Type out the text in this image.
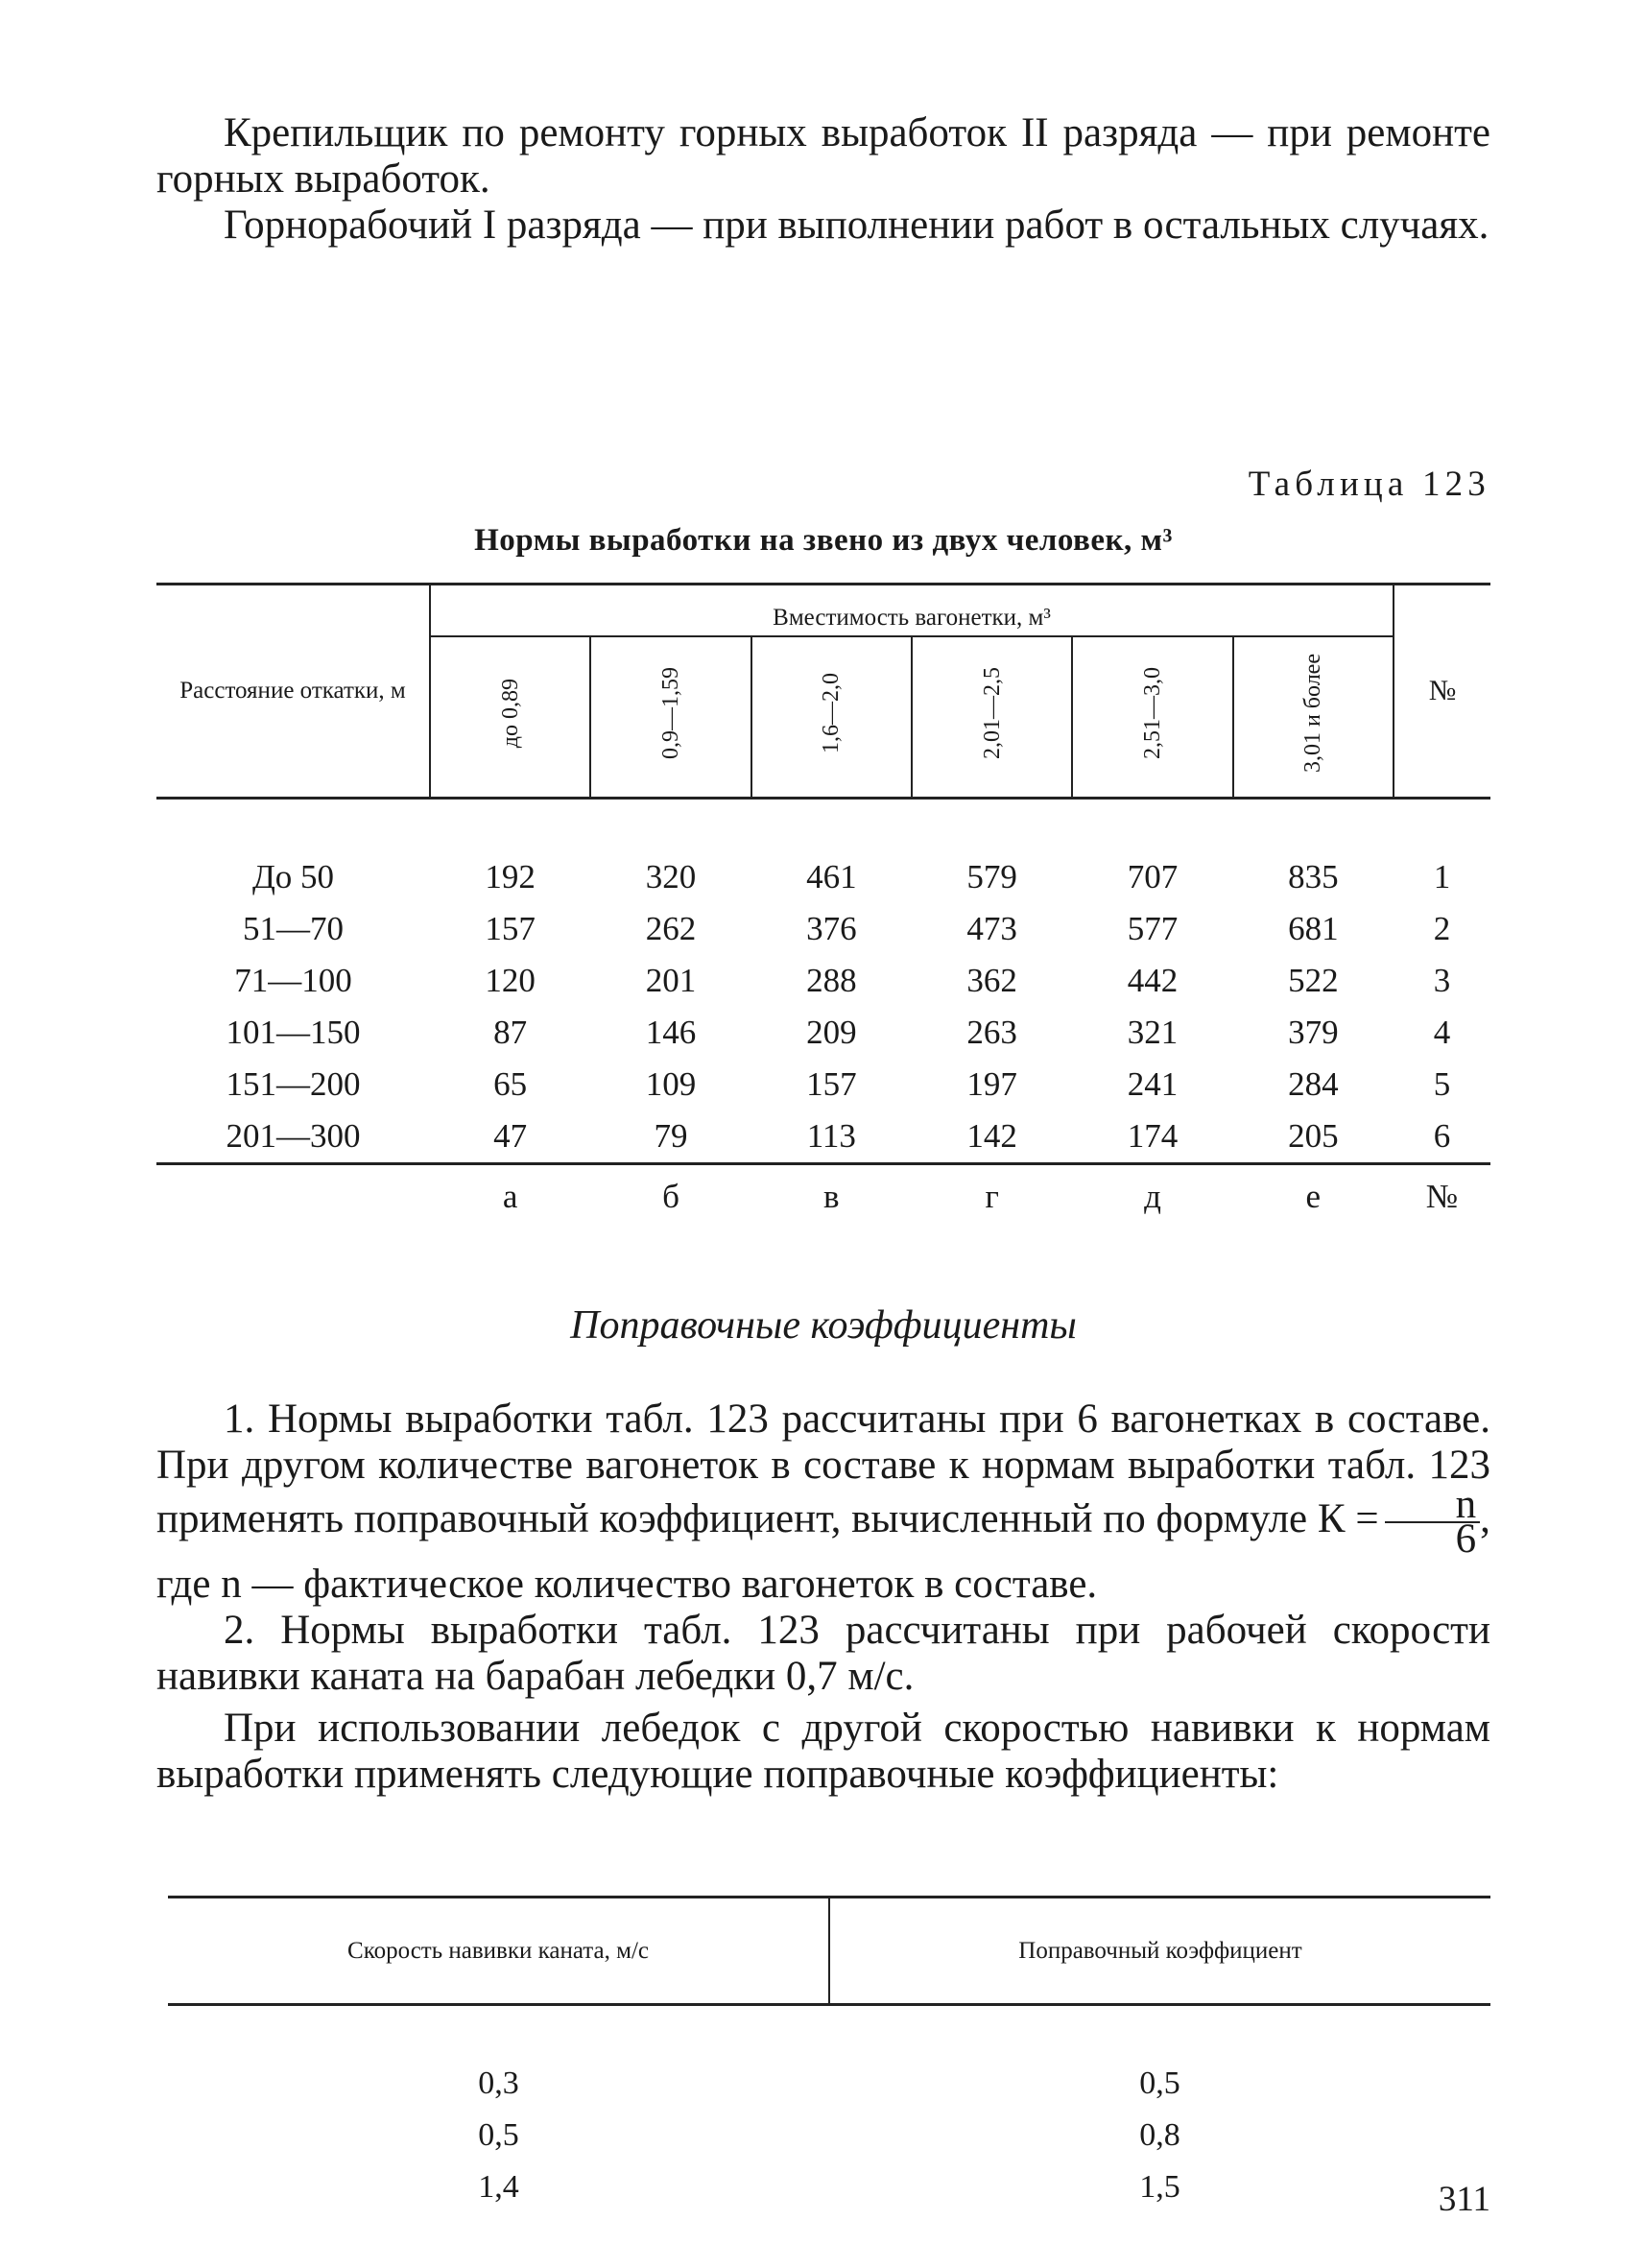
Крепильщик по ремонту горных выработок II разряда — при ремонте горных выработок.

Горнорабочий I разряда — при выполнении работ в остальных случаях.

Таблица 123
Нормы выработки на звено из двух человек, м³
Расстояние откатки, м	Вместимость вагонетки, м³						№
	до 0,89	0,9—1,59	1,6—2,0	2,01—2,5	2,51—3,0	3,01 и более	

До 50	192	320	461	579	707	835	1
51—70	157	262	376	473	577	681	2
71—100	120	201	288	362	442	522	3
101—150	87	146	209	263	321	379	4
151—200	65	109	157	197	241	284	5
201—300	47	79	113	142	174	205	6
	а	б	в	г	д	е	№
Поправочные коэффициенты

1. Нормы выработки табл. 123 рассчитаны при 6 вагонетках в составе. При другом количестве вагонеток в составе к нормам выработки табл. 123 применять поправочный коэффициент, вычисленный по формуле $К = \frac{n}{6}$ ,

где n — фактическое количество вагонеток в составе.

2. Нормы выработки табл. 123 рассчитаны при рабочей скорости навивки каната на барабан лебедки 0,7 м/с.

При использовании лебедок с другой скоростью навивки к нормам выработки применять следующие поправочные коэффициенты:

Скорость навивки каната, м/с	Поправочный коэффициент

0,3	0,5
0,5	0,8
1,4	1,5	311
